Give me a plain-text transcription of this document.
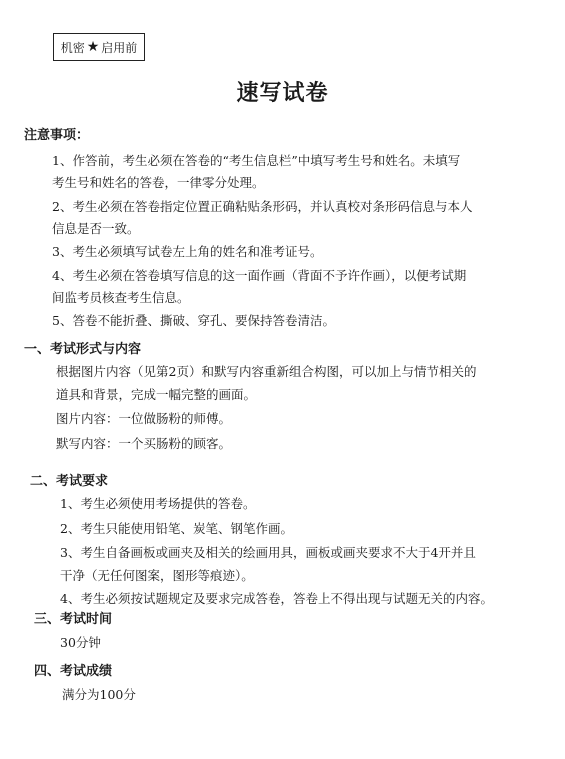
机密 ★ 启用前
速写试卷
注意事项：
1、作答前，考生必须在答卷的“考生信息栏”中填写考生号和姓名。未填写
考生号和姓名的答卷，一律零分处理。
2、考生必须在答卷指定位置正确粘贴条形码，并认真校对条形码信息与本人
信息是否一致。
3、考生必须填写试卷左上角的姓名和准考证号。
4、考生必须在答卷填写信息的这一面作画（背面不予许作画），以便考试期
间监考员核查考生信息。
5、答卷不能折叠、撕破、穿孔、要保持答卷清洁。
一、考试形式与内容
根据图片内容（见第2页）和默写内容重新组合构图，可以加上与情节相关的
道具和背景，完成一幅完整的画面。
图片内容：一位做肠粉的师傅。
默写内容：一个买肠粉的顾客。
二、考试要求
1、考生必须使用考场提供的答卷。
2、考生只能使用铅笔、炭笔、钢笔作画。
3、考生自备画板或画夹及相关的绘画用具，画板或画夹要求不大于4开并且
干净（无任何图案，图形等痕迹）。
4、考生必须按试题规定及要求完成答卷，答卷上不得出现与试题无关的内容。
三、考试时间
30分钟
四、考试成绩
满分为100分
